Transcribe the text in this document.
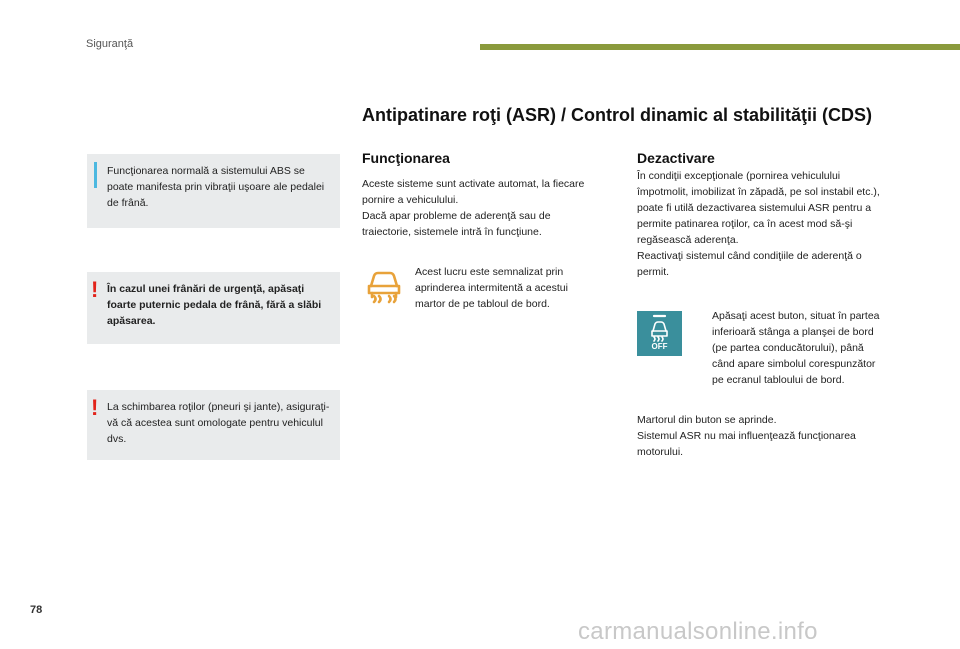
Siguranţă
Funcţionarea normală a sistemului ABS se poate manifesta prin vibraţii uşoare ale pedalei de frână.
! În cazul unei frânări de urgenţă, apăsaţi foarte puternic pedala de frână, fără a slăbi apăsarea.
! La schimbarea roţilor (pneuri şi jante), asiguraţi-vă că acestea sunt omologate pentru vehiculul dvs.
Antipatinare roţi (ASR) / Control dinamic al stabilităţii (CDS)
Funcţionarea
Aceste sisteme sunt activate automat, la fiecare pornire a vehiculului.
Dacă apar probleme de aderenţă sau de traiectorie, sistemele intră în funcţiune.
Acest lucru este semnalizat prin aprinderea intermitentă a acestui martor de pe tabloul de bord.
Dezactivare
În condiţii excepţionale (pornirea vehiculului împotmolit, imobilizat în zăpadă, pe sol instabil etc.), poate fi utilă dezactivarea sistemului ASR pentru a permite patinarea roţilor, ca în acest mod să-şi regăsească aderenţa.
Reactivaţi sistemul când condiţiile de aderenţă o permit.
OFF
Apăsaţi acest buton, situat în partea inferioară stânga a planşei de bord (pe partea conducătorului), până când apare simbolul corespunzător pe ecranul tabloului de bord.
Martorul din buton se aprinde.
Sistemul ASR nu mai influenţează funcţionarea motorului.
78
carmanualsonline.info
